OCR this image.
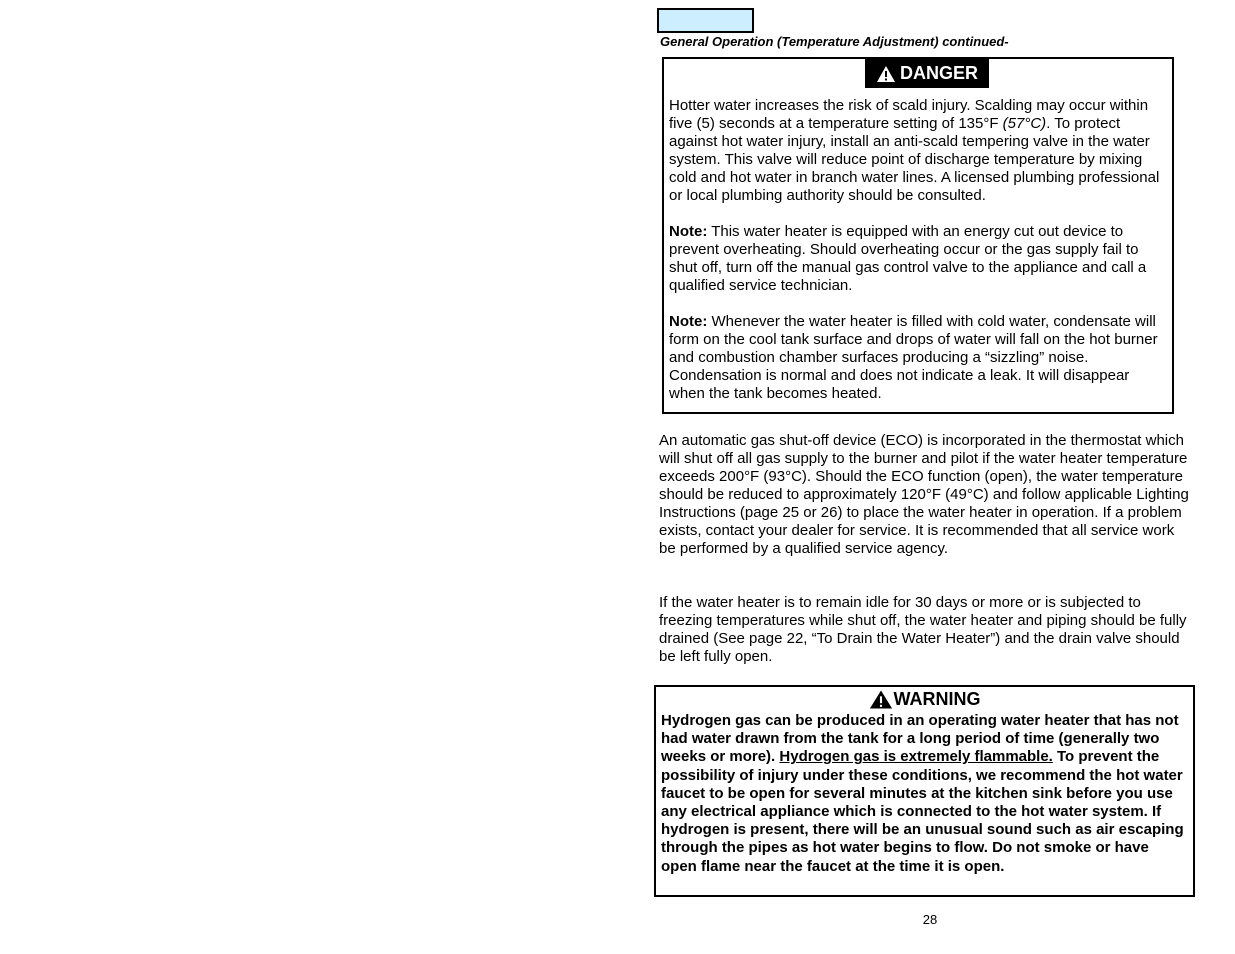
General Operation (Temperature Adjustment) continued-
DANGER

Hotter water increases the risk of scald injury. Scalding may occur within five (5) seconds at a temperature setting of 135°F (57°C). To protect against hot water injury, install an anti-scald tempering valve in the water system. This valve will reduce point of discharge temperature by mixing cold and hot water in branch water lines. A licensed plumbing professional or local plumbing authority should be consulted.

Note: This water heater is equipped with an energy cut out device to prevent overheating. Should overheating occur or the gas supply fail to shut off, turn off the manual gas control valve to the appliance and call a qualified service technician.

Note: Whenever the water heater is filled with cold water, condensate will form on the cool tank surface and drops of water will fall on the hot burner and combustion chamber surfaces producing a “sizzling” noise. Condensation is normal and does not indicate a leak. It will disappear when the tank becomes heated.

An automatic gas shut-off device (ECO) is incorporated in the thermostat which will shut off all gas supply to the burner and pilot if the water heater temperature exceeds 200°F (93°C). Should the ECO function (open), the water temperature should be reduced to approximately 120°F (49°C) and follow applicable Lighting Instructions (page 25 or 26) to place the water heater in operation. If a problem exists, contact your dealer for service. It is recommended that all service work be performed by a qualified service agency.

If the water heater is to remain idle for 30 days or more or is subjected to freezing temperatures while shut off, the water heater and piping should be fully drained (See page 22, “To Drain the Water Heater”) and the drain valve should be left fully open.

WARNING

Hydrogen gas can be produced in an operating water heater that has not had water drawn from the tank for a long period of time (generally two weeks or more). Hydrogen gas is extremely flammable. To prevent the possibility of injury under these conditions, we recommend the hot water faucet to be open for several minutes at the kitchen sink before you use any electrical appliance which is connected to the hot water system. If hydrogen is present, there will be an unusual sound such as air escaping through the pipes as hot water begins to flow. Do not smoke or have open flame near the faucet at the time it is open.

28
